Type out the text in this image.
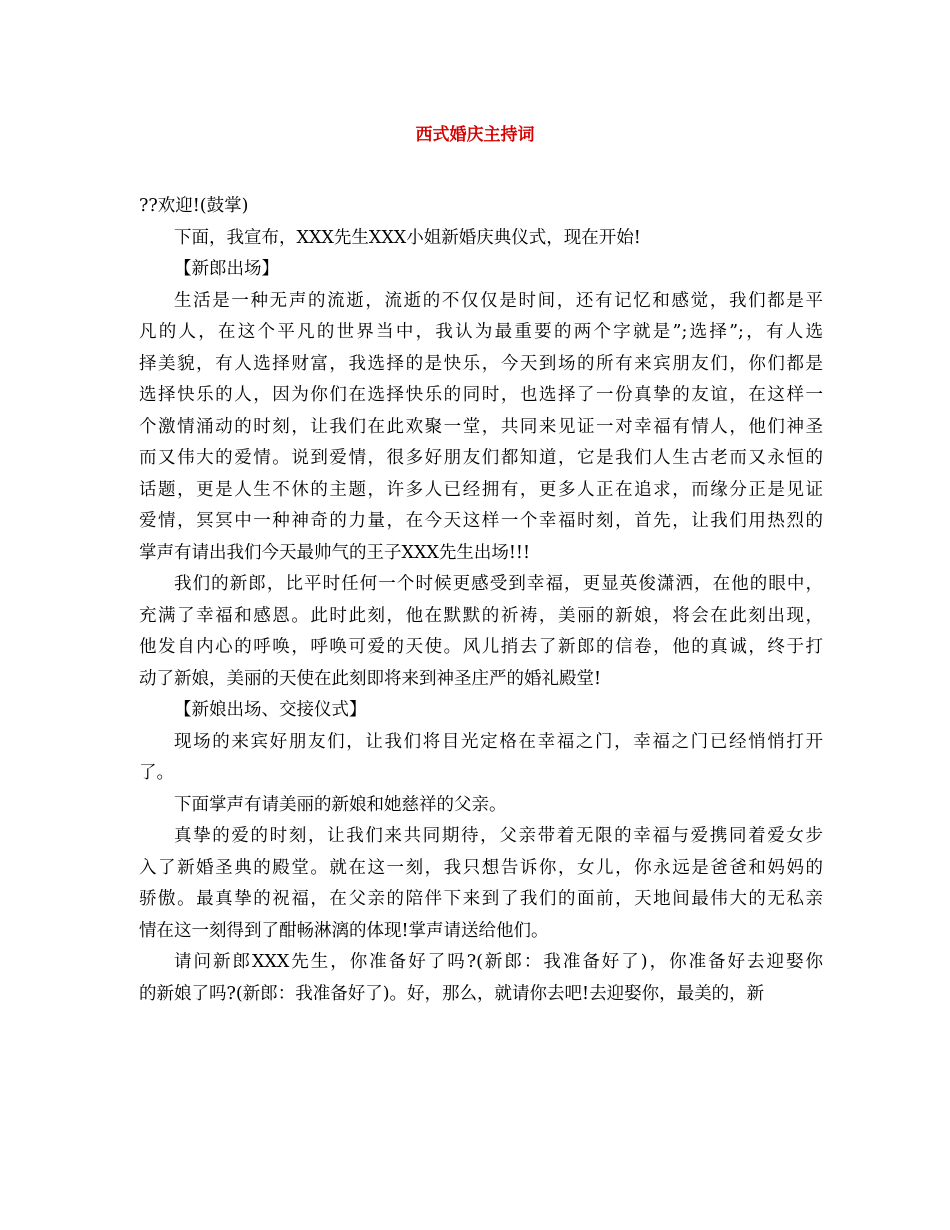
西式婚庆主持词

??欢迎!(鼓掌)

下面，我宣布，XXX先生XXX小姐新婚庆典仪式，现在开始!

【新郎出场】

生活是一种无声的流逝，流逝的不仅仅是时间，还有记忆和感觉，我们都是平
凡的人，在这个平凡的世界当中，我认为最重要的两个字就是”;选择”;，有人选
择美貌，有人选择财富，我选择的是快乐，今天到场的所有来宾朋友们，你们都是
选择快乐的人，因为你们在选择快乐的同时，也选择了一份真挚的友谊，在这样一
个激情涌动的时刻，让我们在此欢聚一堂，共同来见证一对幸福有情人，他们神圣
而又伟大的爱情。说到爱情，很多好朋友们都知道，它是我们人生古老而又永恒的
话题，更是人生不休的主题，许多人已经拥有，更多人正在追求，而缘分正是见证
爱情，冥冥中一种神奇的力量，在今天这样一个幸福时刻，首先，让我们用热烈的
掌声有请出我们今天最帅气的王子XXX先生出场!!!

我们的新郎，比平时任何一个时候更感受到幸福，更显英俊潇洒，在他的眼中，
充满了幸福和感恩。此时此刻，他在默默的祈祷，美丽的新娘，将会在此刻出现，
他发自内心的呼唤，呼唤可爱的天使。风儿捎去了新郎的信卷，他的真诚，终于打
动了新娘，美丽的天使在此刻即将来到神圣庄严的婚礼殿堂!

【新娘出场、交接仪式】

现场的来宾好朋友们，让我们将目光定格在幸福之门，幸福之门已经悄悄打开
了。

下面掌声有请美丽的新娘和她慈祥的父亲。

真挚的爱的时刻，让我们来共同期待，父亲带着无限的幸福与爱携同着爱女步
入了新婚圣典的殿堂。就在这一刻，我只想告诉你，女儿，你永远是爸爸和妈妈的
骄傲。最真挚的祝福，在父亲的陪伴下来到了我们的面前，天地间最伟大的无私亲
情在这一刻得到了酣畅淋漓的体现!掌声请送给他们。

请问新郎XXX先生，你准备好了吗?(新郎：我准备好了)，你准备好去迎娶你
的新娘了吗?(新郎：我准备好了)。好，那么，就请你去吧!去迎娶你，最美的，新
